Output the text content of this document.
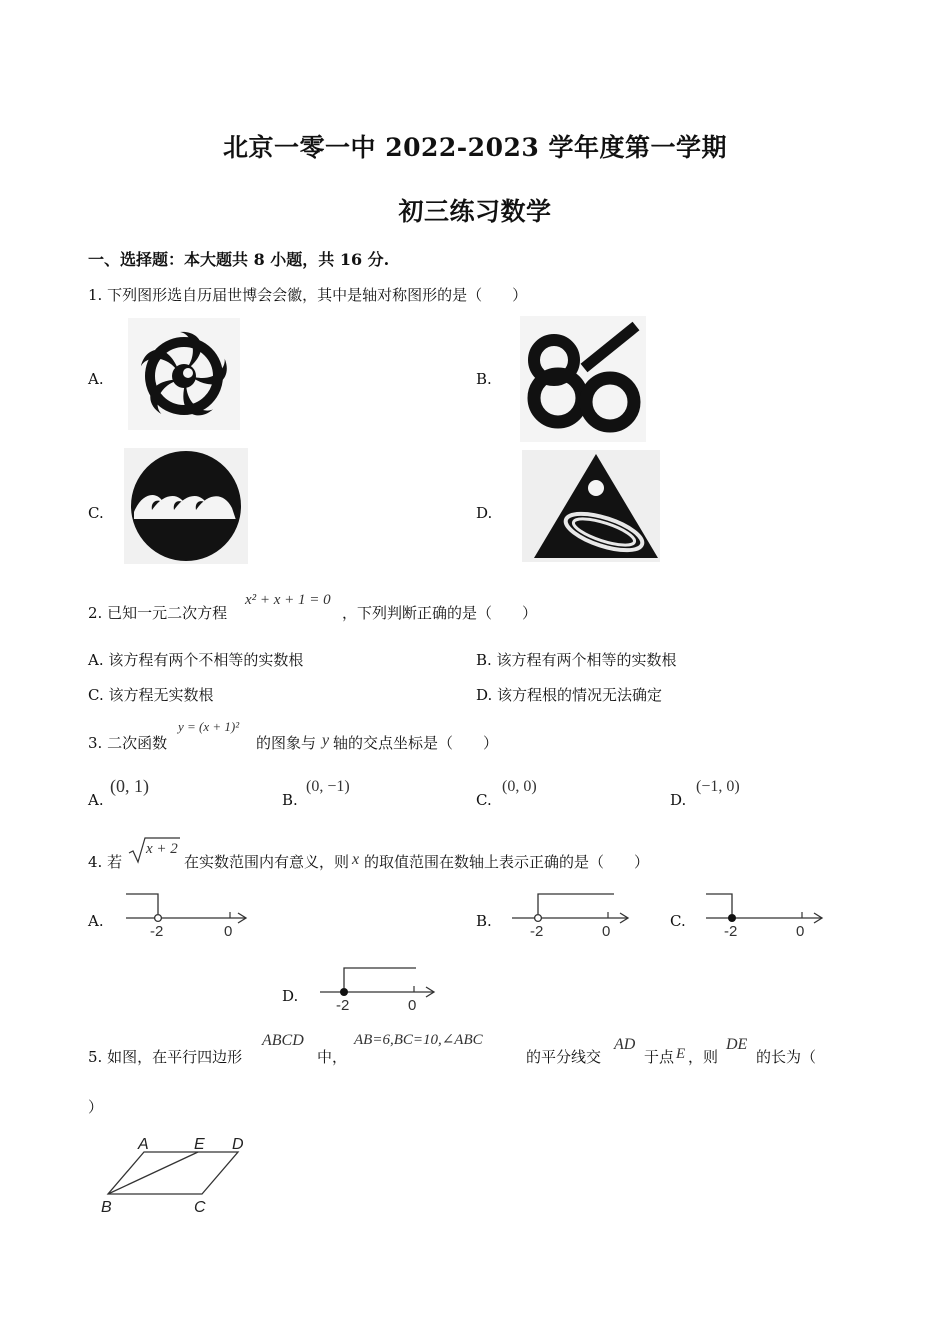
北京一零一中 2022-2023 学年度第一学期
初三练习数学
一、选择题：本大题共 8 小题，共 16 分.
1. 下列图形选自历届世博会会徽，其中是轴对称图形的是（　　）
A.	B.
C.	D.
2. 已知一元二次方程
x² + x + 1 = 0
，下列判断正确的是（　　）
A. 该方程有两个不相等的实数根	B. 该方程有两个相等的实数根
C. 该方程无实数根	D. 该方程根的情况无法确定
3. 二次函数
y = (x + 1)²
的图象与 y 轴的交点坐标是（　　）
A.
(0, 1)
B.
(0, −1)
C.
(0, 0)
D.
(−1, 0)
4. 若
x + 2
在实数范围内有意义，则 x 的取值范围在数轴上表示正确的是（　　）
A.
-2	0
B.
-2	0
C.
-2	0
D.
-2	0
5. 如图，在平行四边形
ABCD
中，
AB=6,BC=10,∠ABC
的平分线交
AD
于点 E ，则
DE
的长为（
）
A	E D
B	C
